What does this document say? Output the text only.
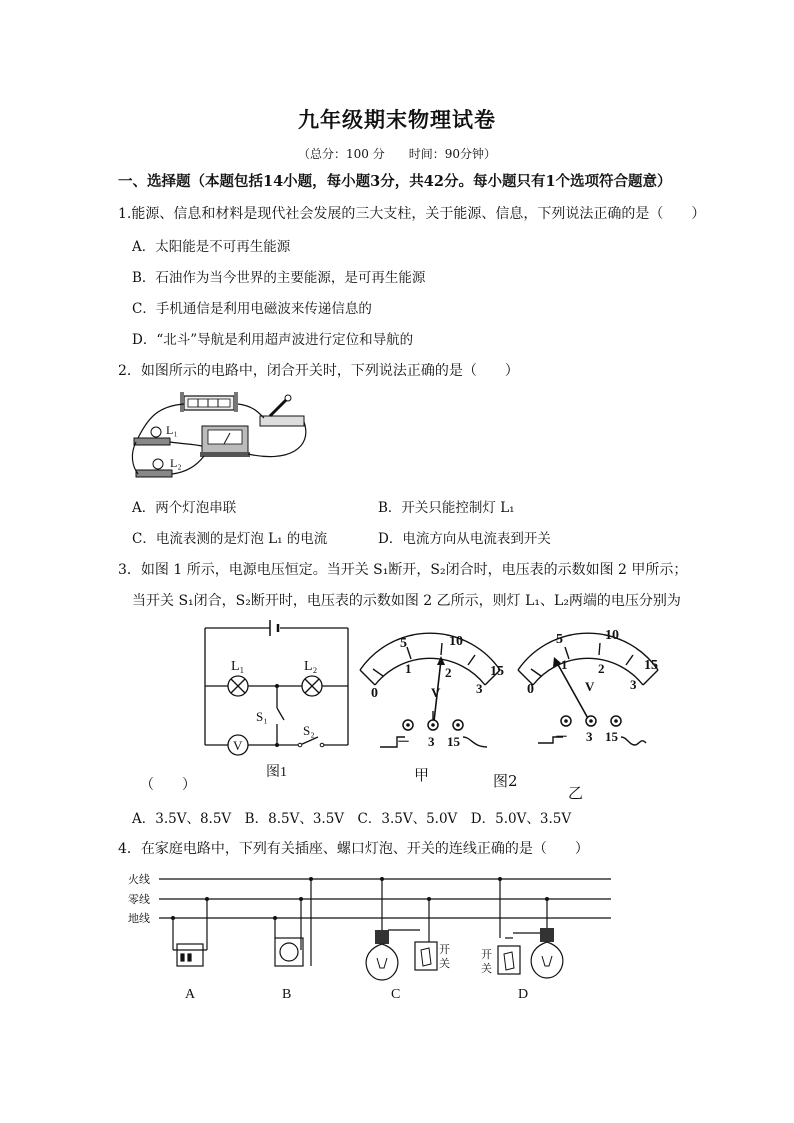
九年级期末物理试卷
（总分：100 分　　时间：90分钟）
一、选择题（本题包括14小题，每小题3分，共42分。每小题只有1个选项符合题意）
1.能源、信息和材料是现代社会发展的三大支柱，关于能源、信息，下列说法正确的是（　　）
A．太阳能是不可再生能源
B．石油作为当今世界的主要能源，是可再生能源
C．手机通信是利用电磁波来传递信息的
D．“北斗”导航是利用超声波进行定位和导航的
2．如图所示的电路中，闭合开关时，下列说法正确的是（　　）
L₁
L₂
A．两个灯泡串联	B．开关只能控制灯 L₁
C．电流表测的是灯泡 L₁ 的电流	D．电流方向从电流表到开关
3．如图 1 所示，电源电压恒定。当开关 S₁断开，S₂闭合时，电压表的示数如图 2 甲所示；
当开关 S₁闭合，S₂断开时，电压表的示数如图 2 乙所示，则灯 L₁、L₂两端的电压分别为
L₁	L₂
S₁
S₂
V
图1
5	10
15
0
1	2
3
V
－ 3 15
5	10
15
0
1 2
3
V
－ 3 15
（　　）
甲	图2
乙
A．3.5V、8.5V　B．8.5V、3.5V　C．3.5V、5.0V　D．5.0V、3.5V
4．在家庭电路中，下列有关插座、螺口灯泡、开关的连线正确的是（　　）
火线
零线
地线
开
关
开
关
A	B	C	D
